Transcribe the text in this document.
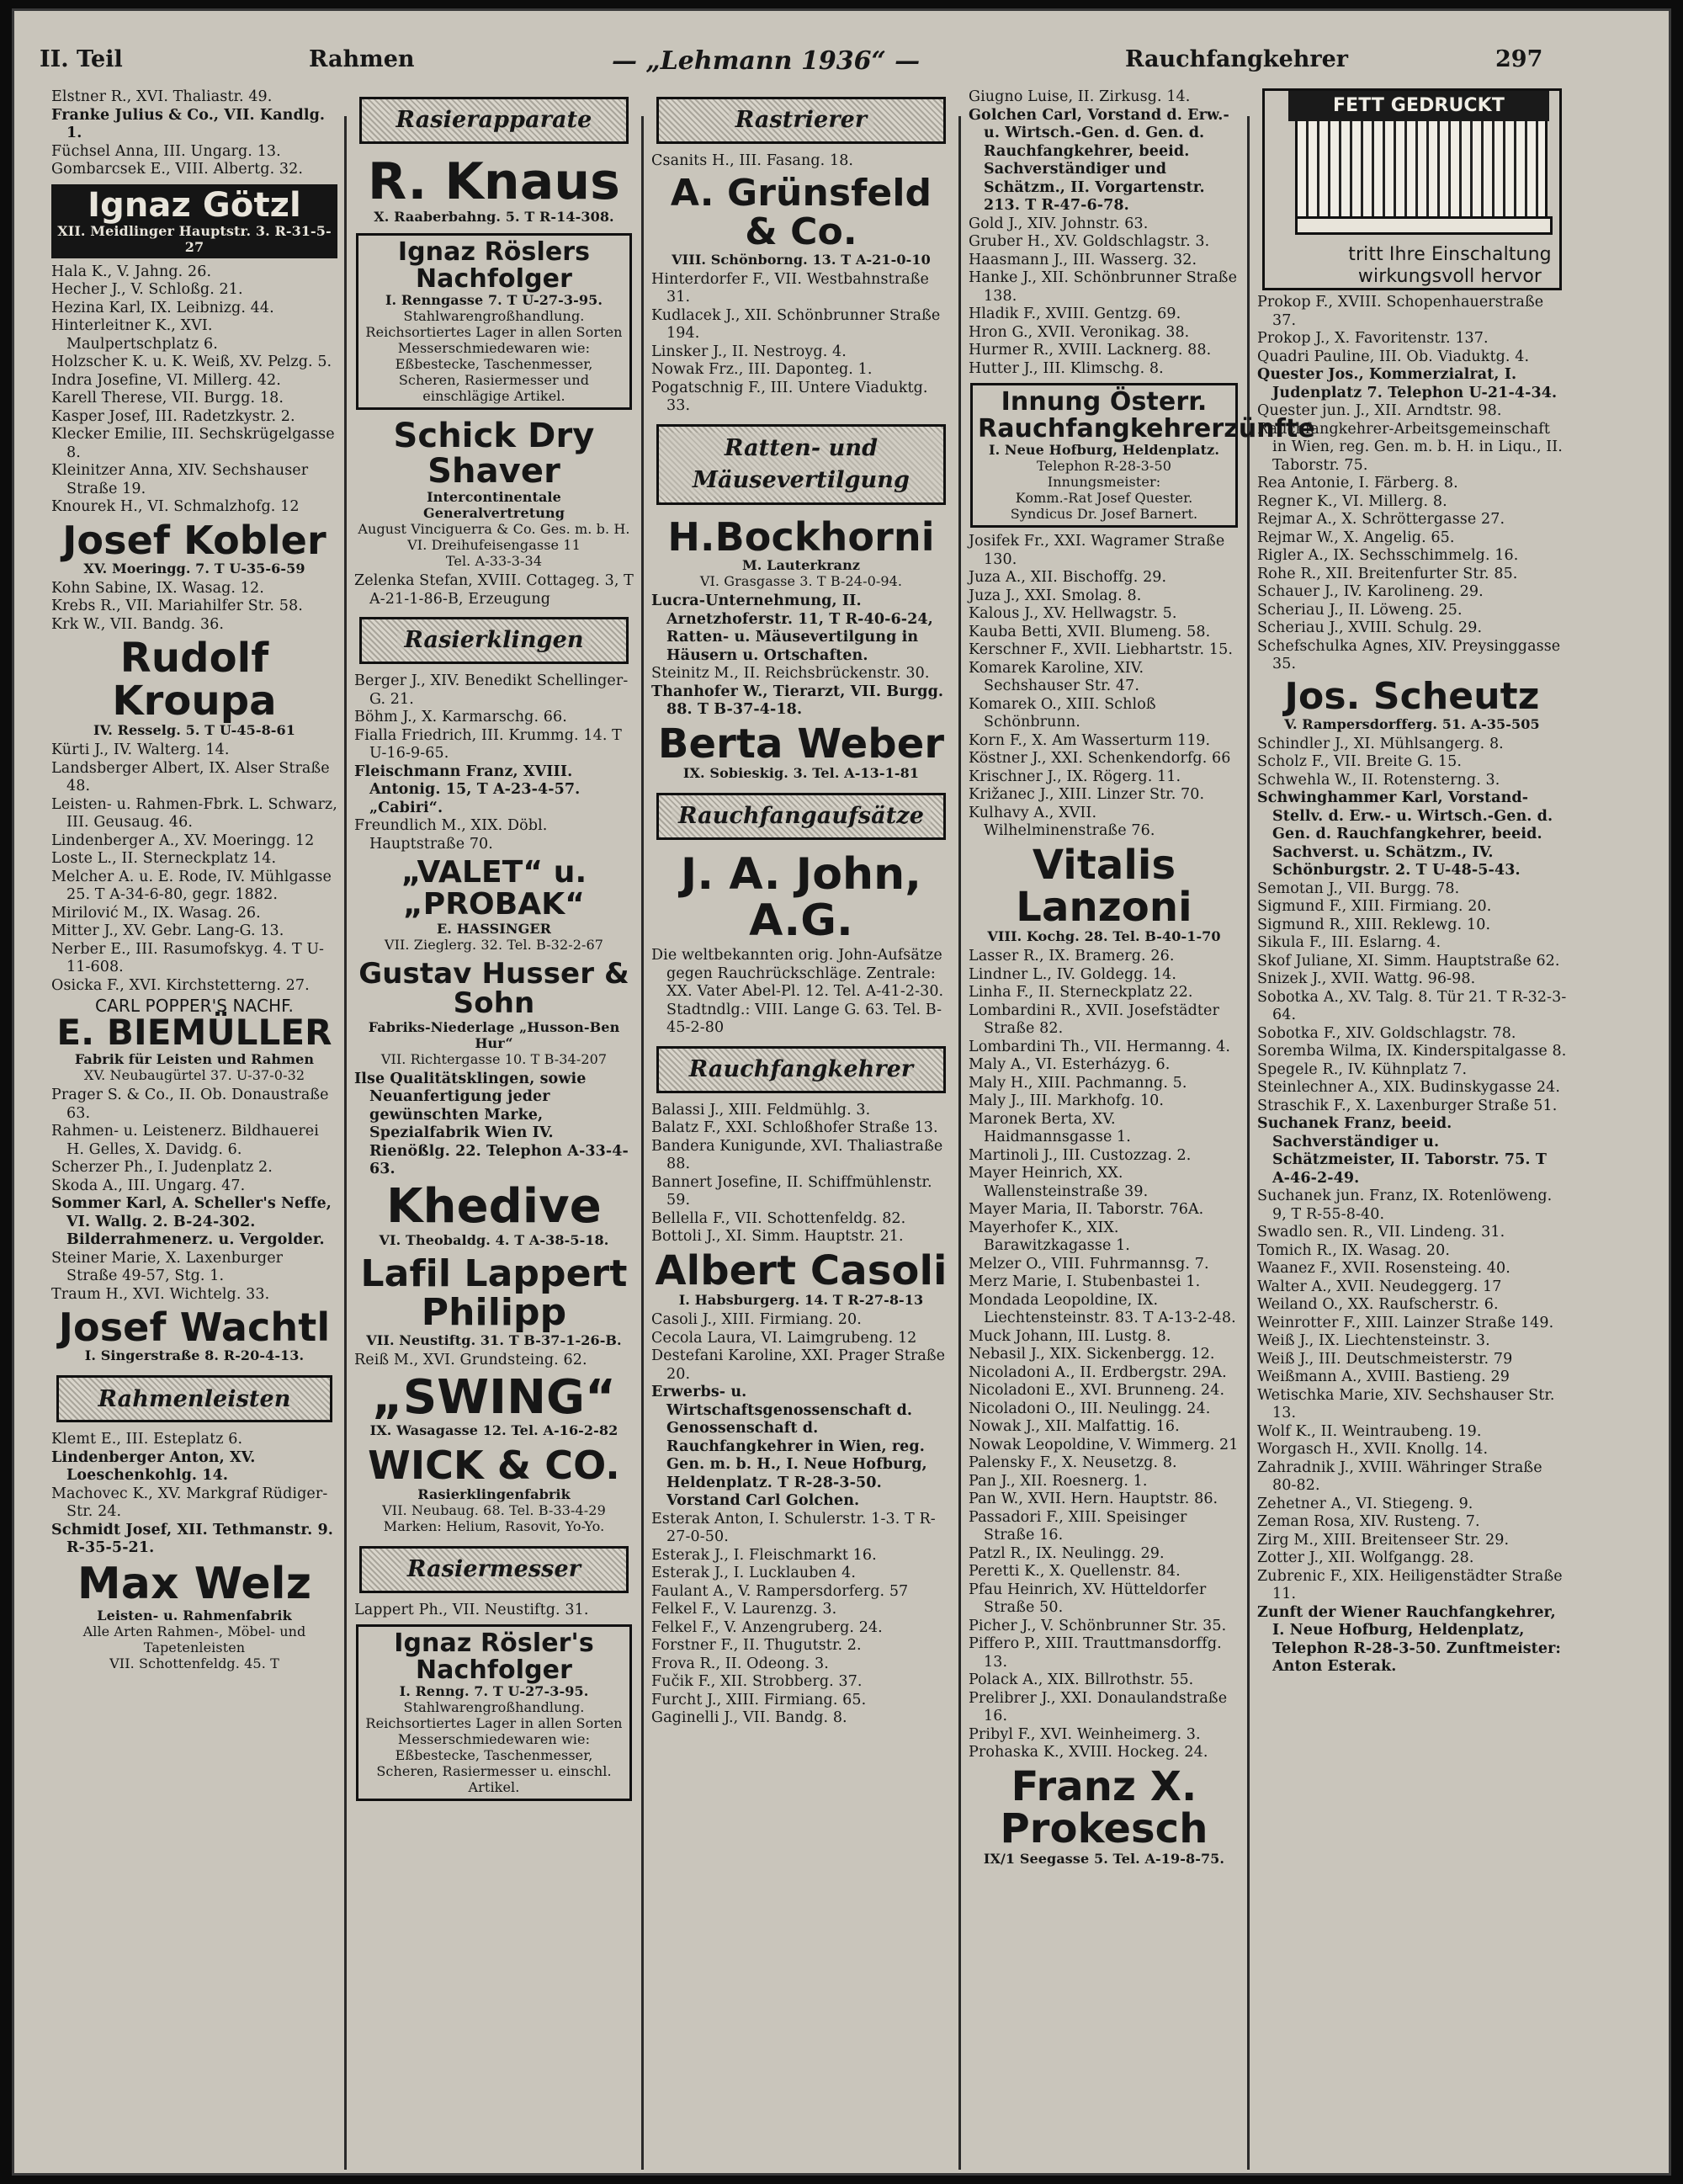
II. Teil	Rahmen	— „Lehmann 1936“ —	Rauchfangkehrer	297
Elstner R., XVI. Thaliastr. 49.
Franke Julius & Co., VII. Kandlg. 1.
Füchsel Anna, III. Ungarg. 13.
Gombarcsek E., VIII. Albertg. 32.
Ignaz Götzl
XII. Meidlinger Hauptstr. 3. R-31-5-27
Hala K., V. Jahng. 26.
Hecher J., V. Schloßg. 21.
Hezina Karl, IX. Leibnizg. 44.
Hinterleitner K., XVI. Maulpertschplatz 6.
Holzscher K. u. K. Weiß, XV. Pelzg. 5.
Indra Josefine, VI. Millerg. 42.
Karell Therese, VII. Burgg. 18.
Kasper Josef, III. Radetzkystr. 2.
Klecker Emilie, III. Sechskrügelgasse 8.
Kleinitzer Anna, XIV. Sechshauser Straße 19.
Knourek H., VI. Schmalzhofg. 12
Josef Kobler
XV. Moeringg. 7. T U-35-6-59
Kohn Sabine, IX. Wasag. 12.
Krebs R., VII. Mariahilfer Str. 58.
Krk W., VII. Bandg. 36.
Rudolf Kroupa
IV. Resselg. 5. T U-45-8-61
Kürti J., IV. Walterg. 14.
Landsberger Albert, IX. Alser Straße 48.
Leisten- u. Rahmen-Fbrk. L. Schwarz, III. Geusaug. 46.
Lindenberger A., XV. Moeringg. 12
Loste L., II. Sterneckplatz 14.
Melcher A. u. E. Rode, IV. Mühlgasse 25. T A-34-6-80, gegr. 1882.
Mirilović M., IX. Wasag. 26.
Mitter J., XV. Gebr. Lang-G. 13.
Nerber E., III. Rasumofskyg. 4. T U-11-608.
Osicka F., XVI. Kirchstetterng. 27.
CARL POPPER'S NACHF.
E. BIEMÜLLER
Fabrik für Leisten und Rahmen
XV. Neubaugürtel 37. U-37-0-32
Prager S. & Co., II. Ob. Donaustraße 63.
Rahmen- u. Leistenerz. Bildhauerei H. Gelles, X. Davidg. 6.
Scherzer Ph., I. Judenplatz 2.
Skoda A., III. Ungarg. 47.
Sommer Karl, A. Scheller's Neffe, VI. Wallg. 2. B-24-302. Bilderrahmenerz. u. Vergolder.
Steiner Marie, X. Laxenburger Straße 49-57, Stg. 1.
Traum H., XVI. Wichtelg. 33.
Josef Wachtl
I. Singerstraße 8. R-20-4-13.
Rahmenleisten
Klemt E., III. Esteplatz 6.
Lindenberger Anton, XV. Loeschenkohlg. 14.
Machovec K., XV. Markgraf Rüdiger-Str. 24.
Schmidt Josef, XII. Tethmanstr. 9. R-35-5-21.
Max Welz
Leisten- u. Rahmenfabrik
Alle Arten Rahmen-, Möbel- und Tapetenleisten
VII. Schottenfeldg. 45. T
Rasierapparate
R. Knaus
X. Raaberbahng. 5. T R-14-308.
Ignaz Röslers Nachfolger
I. Renngasse 7. T U-27-3-95.
Stahlwarengroßhandlung.
Reichsortiertes Lager in allen Sorten Messerschmiedewaren wie: Eßbestecke, Taschenmesser, Scheren, Rasiermesser und einschlägige Artikel.
Schick Dry Shaver
Intercontinentale Generalvertretung
August Vinciguerra & Co. Ges. m. b. H.
VI. Dreihufeisengasse 11
Tel. A-33-3-34
Zelenka Stefan, XVIII. Cottageg. 3, T A-21-1-86-B, Erzeugung
Rasierklingen
Berger J., XIV. Benedikt Schellinger-G. 21.
Böhm J., X. Karmarschg. 66.
Fialla Friedrich, III. Krummg. 14. T U-16-9-65.
Fleischmann Franz, XVIII. Antonig. 15, T A-23-4-57. „Cabiri“.
Freundlich M., XIX. Döbl. Hauptstraße 70.
„VALET“ u. „PROBAK“
E. HASSINGER
VII. Zieglerg. 32. Tel. B-32-2-67
Gustav Husser & Sohn
Fabriks-Niederlage „Husson-Ben Hur“
VII. Richtergasse 10. T B-34-207
Ilse Qualitätsklingen, sowie Neuanfertigung jeder gewünschten Marke, Spezialfabrik Wien IV. Rienößlg. 22. Telephon A-33-4-63.
Khedive
VI. Theobaldg. 4. T A-38-5-18.
Lafil Lappert Philipp
VII. Neustiftg. 31. T B-37-1-26-B.
Reiß M., XVI. Grundsteing. 62.
„SWING“
IX. Wasagasse 12. Tel. A-16-2-82
WICK & CO.
Rasierklingenfabrik
VII. Neubaug. 68. Tel. B-33-4-29
Marken: Helium, Rasovit, Yo-Yo.
Rasiermesser
Lappert Ph., VII. Neustiftg. 31.
Ignaz Rösler's Nachfolger
I. Renng. 7. T U-27-3-95.
Stahlwarengroßhandlung.
Reichsortiertes Lager in allen Sorten Messerschmiedewaren wie: Eßbestecke, Taschenmesser, Scheren, Rasiermesser u. einschl. Artikel.
Rastrierer
Csanits H., III. Fasang. 18.
A. Grünsfeld & Co.
VIII. Schönborng. 13. T A-21-0-10
Hinterdorfer F., VII. Westbahnstraße 31.
Kudlacek J., XII. Schönbrunner Straße 194.
Linsker J., II. Nestroyg. 4.
Nowak Frz., III. Daponteg. 1.
Pogatschnig F., III. Untere Viaduktg. 33.
Ratten- und Mäusevertilgung
H.Bockhorni
M. Lauterkranz
VI. Grasgasse 3. T B-24-0-94.
Lucra-Unternehmung, II. Arnetzhoferstr. 11, T R-40-6-24, Ratten- u. Mäusevertilgung in Häusern u. Ortschaften.
Steinitz M., II. Reichsbrückenstr. 30.
Thanhofer W., Tierarzt, VII. Burgg. 88. T B-37-4-18.
Berta Weber
IX. Sobieskig. 3. Tel. A-13-1-81
Rauchfangaufsätze
J. A. John, A.G.
Die weltbekannten orig. John-Aufsätze gegen Rauchrückschläge. Zentrale: XX. Vater Abel-Pl. 12. Tel. A-41-2-30. Stadtndlg.: VIII. Lange G. 63. Tel. B-45-2-80
Rauchfangkehrer
Balassi J., XIII. Feldmühlg. 3.
Balatz F., XXI. Schloßhofer Straße 13.
Bandera Kunigunde, XVI. Thaliastraße 88.
Bannert Josefine, II. Schiffmühlenstr. 59.
Bellella F., VII. Schottenfeldg. 82.
Bottoli J., XI. Simm. Hauptstr. 21.
Albert Casoli
I. Habsburgerg. 14. T R-27-8-13
Casoli J., XIII. Firmiang. 20.
Cecola Laura, VI. Laimgrubeng. 12
Destefani Karoline, XXI. Prager Straße 20.
Erwerbs- u. Wirtschaftsgenossenschaft d. Genossenschaft d. Rauchfangkehrer in Wien, reg. Gen. m. b. H., I. Neue Hofburg, Heldenplatz. T R-28-3-50. Vorstand Carl Golchen.
Esterak Anton, I. Schulerstr. 1-3. T R-27-0-50.
Esterak J., I. Fleischmarkt 16.
Esterak J., I. Lucklauben 4.
Faulant A., V. Rampersdorferg. 57
Felkel F., V. Laurenzg. 3.
Felkel F., V. Anzengruberg. 24.
Forstner F., II. Thugutstr. 2.
Frova R., II. Odeong. 3.
Fučik F., XII. Strobberg. 37.
Furcht J., XIII. Firmiang. 65.
Gaginelli J., VII. Bandg. 8.
Giugno Luise, II. Zirkusg. 14.
Golchen Carl, Vorstand d. Erw.- u. Wirtsch.-Gen. d. Gen. d. Rauchfangkehrer, beeid. Sachverständiger und Schätzm., II. Vorgartenstr. 213. T R-47-6-78.
Gold J., XIV. Johnstr. 63.
Gruber H., XV. Goldschlagstr. 3.
Haasmann J., III. Wasserg. 32.
Hanke J., XII. Schönbrunner Straße 138.
Hladik F., XVIII. Gentzg. 69.
Hron G., XVII. Veronikag. 38.
Hurmer R., XVIII. Lacknerg. 88.
Hutter J., III. Klimschg. 8.
Innung Österr. Rauchfangkehrerzünfte
I. Neue Hofburg, Heldenplatz.
Telephon R-28-3-50
Innungsmeister:
Komm.-Rat Josef Quester.
Syndicus Dr. Josef Barnert.
Josifek Fr., XXI. Wagramer Straße 130.
Juza A., XII. Bischoffg. 29.
Juza J., XXI. Smolag. 8.
Kalous J., XV. Hellwagstr. 5.
Kauba Betti, XVII. Blumeng. 58.
Kerschner F., XVII. Liebhartstr. 15.
Komarek Karoline, XIV. Sechshauser Str. 47.
Komarek O., XIII. Schloß Schönbrunn.
Korn F., X. Am Wasserturm 119.
Köstner J., XXI. Schenkendorfg. 66
Krischner J., IX. Rögerg. 11.
Križanec J., XIII. Linzer Str. 70.
Kulhavy A., XVII. Wilhelminenstraße 76.
Vitalis Lanzoni
VIII. Kochg. 28. Tel. B-40-1-70
Lasser R., IX. Bramerg. 26.
Lindner L., IV. Goldegg. 14.
Linha F., II. Sterneckplatz 22.
Lombardini R., XVII. Josefstädter Straße 82.
Lombardini Th., VII. Hermanng. 4.
Maly A., VI. Esterházyg. 6.
Maly H., XIII. Pachmanng. 5.
Maly J., III. Markhofg. 10.
Maronek Berta, XV. Haidmannsgasse 1.
Martinoli J., III. Custozzag. 2.
Mayer Heinrich, XX. Wallensteinstraße 39.
Mayer Maria, II. Taborstr. 76A.
Mayerhofer K., XIX. Barawitzkagasse 1.
Melzer O., VIII. Fuhrmannsg. 7.
Merz Marie, I. Stubenbastei 1.
Mondada Leopoldine, IX. Liechtensteinstr. 83. T A-13-2-48.
Muck Johann, III. Lustg. 8.
Nebasil J., XIX. Sickenbergg. 12.
Nicoladoni A., II. Erdbergstr. 29A.
Nicoladoni E., XVI. Brunneng. 24.
Nicoladoni O., III. Neulingg. 24.
Nowak J., XII. Malfattig. 16.
Nowak Leopoldine, V. Wimmerg. 21
Palensky F., X. Neusetzg. 8.
Pan J., XII. Roesnerg. 1.
Pan W., XVII. Hern. Hauptstr. 86.
Passadori F., XIII. Speisinger Straße 16.
Patzl R., IX. Neulingg. 29.
Peretti K., X. Quellenstr. 84.
Pfau Heinrich, XV. Hütteldorfer Straße 50.
Picher J., V. Schönbrunner Str. 35.
Piffero P., XIII. Trauttmansdorffg. 13.
Polack A., XIX. Billrothstr. 55.
Prelibrer J., XXI. Donaulandstraße 16.
Pribyl F., XVI. Weinheimerg. 3.
Prohaska K., XVIII. Hockeg. 24.
Franz X. Prokesch
IX/1 Seegasse 5. Tel. A-19-8-75.
FETT GEDRUCKT
tritt Ihre Einschaltung wirkungsvoll hervor
Prokop F., XVIII. Schopenhauerstraße 37.
Prokop J., X. Favoritenstr. 137.
Quadri Pauline, III. Ob. Viaduktg. 4.
Quester Jos., Kommerzialrat, I. Judenplatz 7. Telephon U-21-4-34.
Quester jun. J., XII. Arndtstr. 98.
Rauchfangkehrer-Arbeitsgemeinschaft in Wien, reg. Gen. m. b. H. in Liqu., II. Taborstr. 75.
Rea Antonie, I. Färberg. 8.
Regner K., VI. Millerg. 8.
Rejmar A., X. Schröttergasse 27.
Rejmar W., X. Angelig. 65.
Rigler A., IX. Sechsschimmelg. 16.
Rohe R., XII. Breitenfurter Str. 85.
Schauer J., IV. Karolineng. 29.
Scheriau J., II. Löweng. 25.
Scheriau J., XVIII. Schulg. 29.
Schefschulka Agnes, XIV. Preysinggasse 35.
Jos. Scheutz
V. Rampersdorfferg. 51. A-35-505
Schindler J., XI. Mühlsangerg. 8.
Scholz F., VII. Breite G. 15.
Schwehla W., II. Rotensterng. 3.
Schwinghammer Karl, Vorstand-Stellv. d. Erw.- u. Wirtsch.-Gen. d. Gen. d. Rauchfangkehrer, beeid. Sachverst. u. Schätzm., IV. Schönburgstr. 2. T U-48-5-43.
Semotan J., VII. Burgg. 78.
Sigmund F., XIII. Firmiang. 20.
Sigmund R., XIII. Reklewg. 10.
Sikula F., III. Eslarng. 4.
Skof Juliane, XI. Simm. Hauptstraße 62.
Snizek J., XVII. Wattg. 96-98.
Sobotka A., XV. Talg. 8. Tür 21. T R-32-3-64.
Sobotka F., XIV. Goldschlagstr. 78.
Soremba Wilma, IX. Kinderspitalgasse 8.
Spegele R., IV. Kühnplatz 7.
Steinlechner A., XIX. Budinskygasse 24.
Straschik F., X. Laxenburger Straße 51.
Suchanek Franz, beeid. Sachverständiger u. Schätzmeister, II. Taborstr. 75. T A-46-2-49.
Suchanek jun. Franz, IX. Rotenlöweng. 9, T R-55-8-40.
Swadlo sen. R., VII. Lindeng. 31.
Tomich R., IX. Wasag. 20.
Waanez F., XVII. Rosensteing. 40.
Walter A., XVII. Neudeggerg. 17
Weiland O., XX. Raufscherstr. 6.
Weinrotter F., XIII. Lainzer Straße 149.
Weiß J., IX. Liechtensteinstr. 3.
Weiß J., III. Deutschmeisterstr. 79
Weißmann A., XVIII. Bastieng. 29
Wetischka Marie, XIV. Sechshauser Str. 13.
Wolf K., II. Weintraubeng. 19.
Worgasch H., XVII. Knollg. 14.
Zahradnik J., XVIII. Währinger Straße 80-82.
Zehetner A., VI. Stiegeng. 9.
Zeman Rosa, XIV. Rusteng. 7.
Zirg M., XIII. Breitenseer Str. 29.
Zotter J., XII. Wolfgangg. 28.
Zubrenic F., XIX. Heiligenstädter Straße 11.
Zunft der Wiener Rauchfangkehrer, I. Neue Hofburg, Heldenplatz, Telephon R-28-3-50. Zunftmeister: Anton Esterak.
